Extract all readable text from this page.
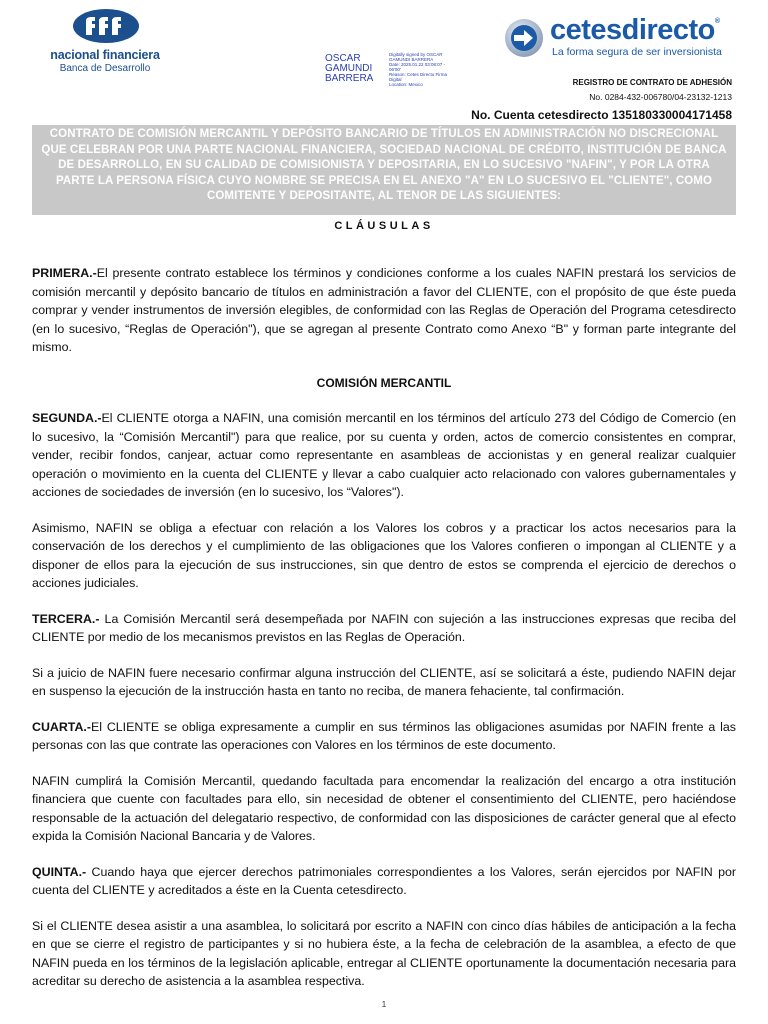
nacional financiera
Banca de Desarrollo
OSCAR
GAMUNDI
BARRERA
Digitally signed by OSCAR
GAMUNDI BARRERA
Date: 2025.01.22 03:08:07 -
06'00'
Reason: Cetes Directo Firma
Digital
Location: Mexico
cetesdirecto®
La forma segura de ser inversionista
REGISTRO DE CONTRATO DE ADHESIÓN
No. 0284-432-006780/04-23132-1213
No. Cuenta cetesdirecto 135180330004171458
CONTRATO DE COMISIÓN MERCANTIL Y DEPÓSITO BANCARIO DE TÍTULOS EN ADMINISTRACIÓN NO DISCRECIONAL QUE CELEBRAN POR UNA PARTE NACIONAL FINANCIERA, SOCIEDAD NACIONAL DE CRÉDITO, INSTITUCIÓN DE BANCA DE DESARROLLO, EN SU CALIDAD DE COMISIONISTA Y DEPOSITARIA, EN LO SUCESIVO "NAFIN", Y POR LA OTRA PARTE LA PERSONA FÍSICA CUYO NOMBRE SE PRECISA EN EL ANEXO "A" EN LO SUCESIVO EL "CLIENTE", COMO COMITENTE Y DEPOSITANTE, AL TENOR DE LAS SIGUIENTES:
CLÁUSULAS

PRIMERA.-El presente contrato establece los términos y condiciones conforme a los cuales NAFIN prestará los servicios de comisión mercantil y depósito bancario de títulos en administración a favor del CLIENTE, con el propósito de que éste pueda comprar y vender instrumentos de inversión elegibles, de conformidad con las Reglas de Operación del Programa cetesdirecto (en lo sucesivo, “Reglas de Operación"), que se agregan al presente Contrato como Anexo “B" y forman parte integrante del mismo.

COMISIÓN MERCANTIL

SEGUNDA.-El CLIENTE otorga a NAFIN, una comisión mercantil en los términos del artículo 273 del Código de Comercio (en lo sucesivo, la “Comisión Mercantil") para que realice, por su cuenta y orden, actos de comercio consistentes en comprar, vender, recibir fondos, canjear, actuar como representante en asambleas de accionistas y en general realizar cualquier operación o movimiento en la cuenta del CLIENTE y llevar a cabo cualquier acto relacionado con valores gubernamentales y acciones de sociedades de inversión (en lo sucesivo, los “Valores").

Asimismo, NAFIN se obliga a efectuar con relación a los Valores los cobros y a practicar los actos necesarios para la conservación de los derechos y el cumplimiento de las obligaciones que los Valores confieren o impongan al CLIENTE y a disponer de ellos para la ejecución de sus instrucciones, sin que dentro de estos se comprenda el ejercicio de derechos o acciones judiciales.

TERCERA.- La Comisión Mercantil será desempeñada por NAFIN con sujeción a las instrucciones expresas que reciba del CLIENTE por medio de los mecanismos previstos en las Reglas de Operación.

Si a juicio de NAFIN fuere necesario confirmar alguna instrucción del CLIENTE, así se solicitará a éste, pudiendo NAFIN dejar en suspenso la ejecución de la instrucción hasta en tanto no reciba, de manera fehaciente, tal confirmación.

CUARTA.-El CLIENTE se obliga expresamente a cumplir en sus términos las obligaciones asumidas por NAFIN frente a las personas con las que contrate las operaciones con Valores en los términos de este documento.

NAFIN cumplirá la Comisión Mercantil, quedando facultada para encomendar la realización del encargo a otra institución financiera que cuente con facultades para ello, sin necesidad de obtener el consentimiento del CLIENTE, pero haciéndose responsable de la actuación del delegatario respectivo, de conformidad con las disposiciones de carácter general que al efecto expida la Comisión Nacional Bancaria y de Valores.

QUINTA.- Cuando haya que ejercer derechos patrimoniales correspondientes a los Valores, serán ejercidos por NAFIN por cuenta del CLIENTE y acreditados a éste en la Cuenta cetesdirecto.

Si el CLIENTE desea asistir a una asamblea, lo solicitará por escrito a NAFIN con cinco días hábiles de anticipación a la fecha en que se cierre el registro de participantes y si no hubiera éste, a la fecha de celebración de la asamblea, a efecto de que NAFIN pueda en los términos de la legislación aplicable, entregar al CLIENTE oportunamente la documentación necesaria para acreditar su derecho de asistencia a la asamblea respectiva.

1
